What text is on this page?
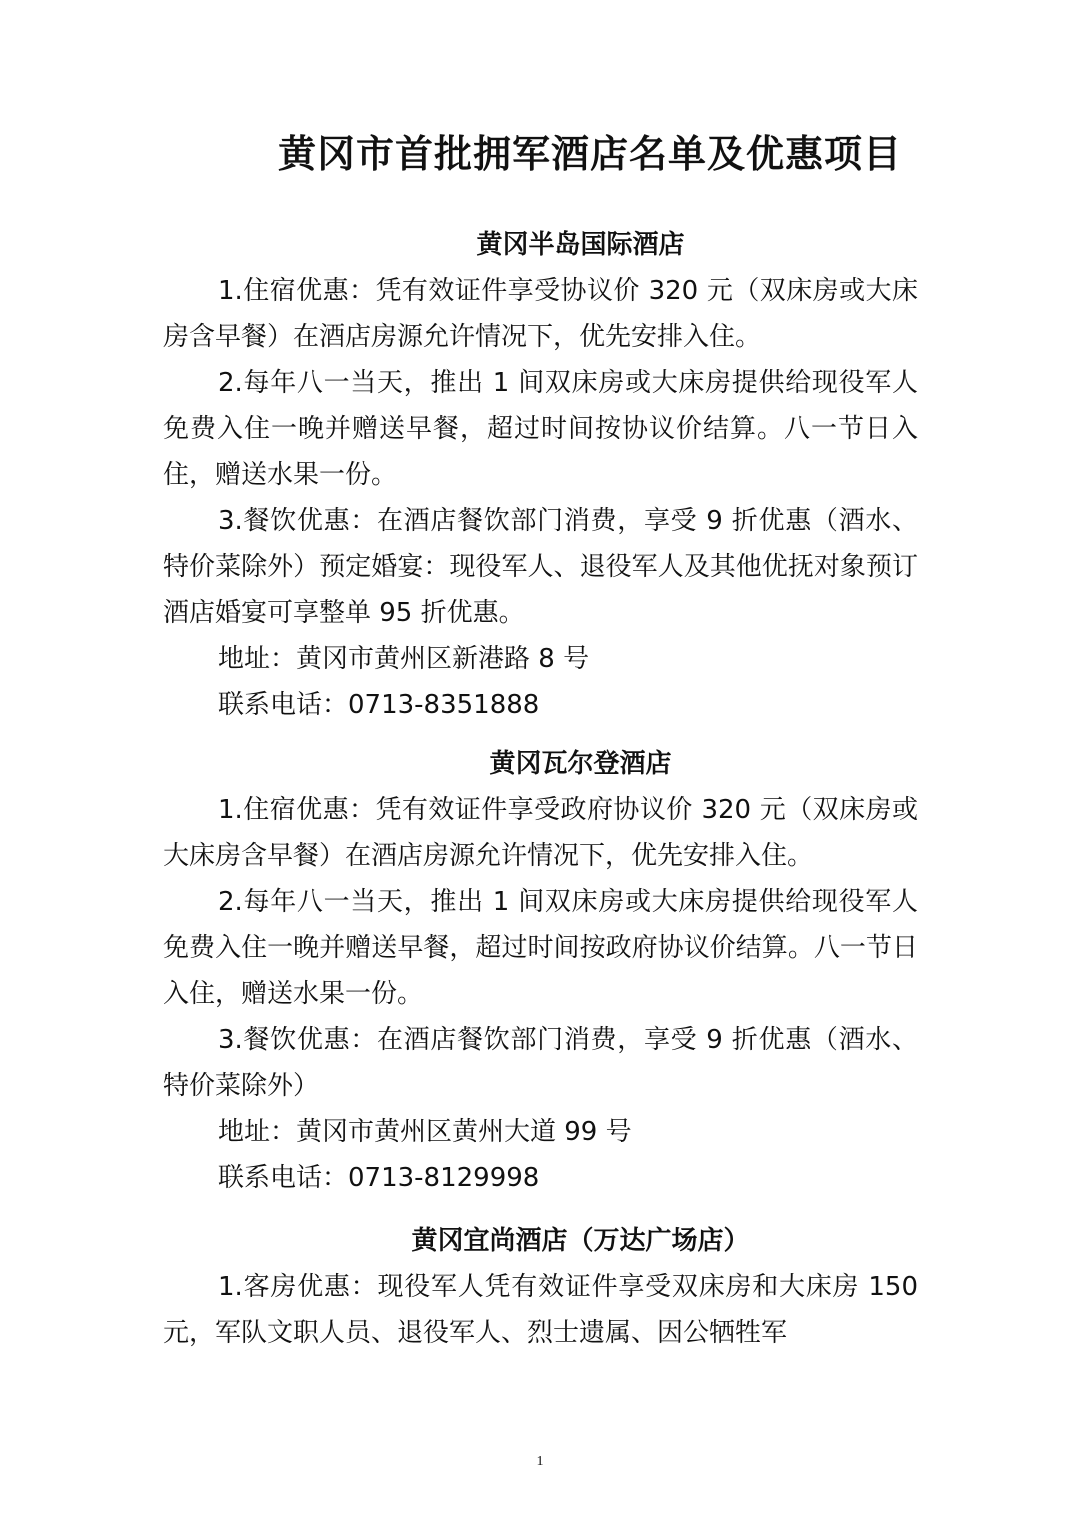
黄冈市首批拥军酒店名单及优惠项目

黄冈半岛国际酒店

1.住宿优惠：凭有效证件享受协议价 320 元（双床房或大床房含早餐）在酒店房源允许情况下，优先安排入住。

2.每年八一当天，推出 1 间双床房或大床房提供给现役军人免费入住一晚并赠送早餐，超过时间按协议价结算。八一节日入住，赠送水果一份。

3.餐饮优惠：在酒店餐饮部门消费，享受 9 折优惠（酒水、特价菜除外）预定婚宴：现役军人、退役军人及其他优抚对象预订酒店婚宴可享整单 95 折优惠。

地址：黄冈市黄州区新港路 8 号

联系电话：0713-8351888

黄冈瓦尔登酒店

1.住宿优惠：凭有效证件享受政府协议价 320 元（双床房或大床房含早餐）在酒店房源允许情况下，优先安排入住。

2.每年八一当天，推出 1 间双床房或大床房提供给现役军人免费入住一晚并赠送早餐，超过时间按政府协议价结算。八一节日入住，赠送水果一份。

3.餐饮优惠：在酒店餐饮部门消费，享受 9 折优惠（酒水、特价菜除外）

地址：黄冈市黄州区黄州大道 99 号

联系电话：0713-8129998

黄冈宜尚酒店（万达广场店）

1.客房优惠：现役军人凭有效证件享受双床房和大床房 150 元，军队文职人员、退役军人、烈士遗属、因公牺牲军

1
